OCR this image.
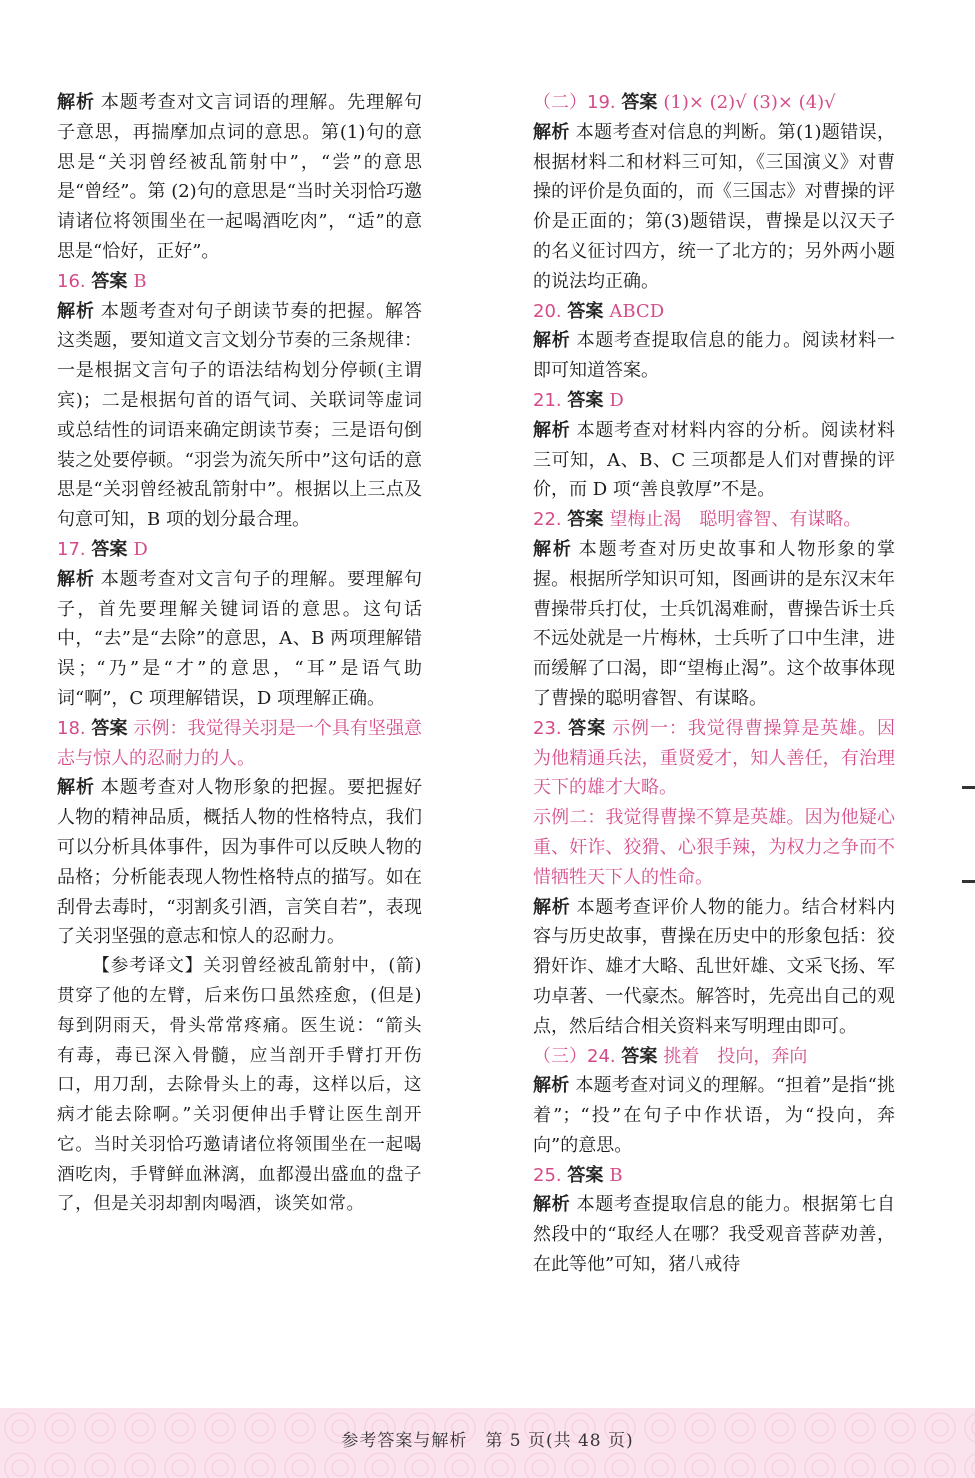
解析 本题考查对文言词语的理解。先理解句子意思，再揣摩加点词的意思。第(1)句的意思是“关羽曾经被乱箭射中”，“尝”的意思是“曾经”。第 (2)句的意思是“当时关羽恰巧邀请诸位将领围坐在一起喝酒吃肉”，“适”的意思是“恰好，正好”。

16. 答案 B

解析 本题考查对句子朗读节奏的把握。解答这类题，要知道文言文划分节奏的三条规律：一是根据文言句子的语法结构划分停顿(主谓宾)；二是根据句首的语气词、关联词等虚词或总结性的词语来确定朗读节奏；三是语句倒装之处要停顿。“羽尝为流矢所中”这句话的意思是“关羽曾经被乱箭射中”。根据以上三点及句意可知，B 项的划分最合理。

17. 答案 D

解析 本题考查对文言句子的理解。要理解句子，首先要理解关键词语的意思。这句话中，“去”是“去除”的意思，A、B 两项理解错误；“乃”是“才”的意思，“耳”是语气助词“啊”，C 项理解错误，D 项理解正确。

18. 答案 示例：我觉得关羽是一个具有坚强意志与惊人的忍耐力的人。

解析 本题考查对人物形象的把握。要把握好人物的精神品质，概括人物的性格特点，我们可以分析具体事件，因为事件可以反映人物的品格；分析能表现人物性格特点的描写。如在刮骨去毒时，“羽割炙引酒，言笑自若”，表现了关羽坚强的意志和惊人的忍耐力。

【参考译文】关羽曾经被乱箭射中，(箭)贯穿了他的左臂，后来伤口虽然痊愈，(但是)每到阴雨天，骨头常常疼痛。医生说：“箭头有毒，毒已深入骨髓，应当剖开手臂打开伤口，用刀刮，去除骨头上的毒，这样以后，这病才能去除啊。”关羽便伸出手臂让医生剖开它。当时关羽恰巧邀请诸位将领围坐在一起喝酒吃肉，手臂鲜血淋漓，血都漫出盛血的盘子了，但是关羽却割肉喝酒，谈笑如常。

（二）19. 答案 (1)× (2)√ (3)× (4)√

解析 本题考查对信息的判断。第(1)题错误，根据材料二和材料三可知，《三国演义》对曹操的评价是负面的，而《三国志》对曹操的评价是正面的；第(3)题错误，曹操是以汉天子的名义征讨四方，统一了北方的；另外两小题的说法均正确。

20. 答案 ABCD

解析 本题考查提取信息的能力。阅读材料一即可知道答案。

21. 答案 D

解析 本题考查对材料内容的分析。阅读材料三可知，A、B、C 三项都是人们对曹操的评价，而 D 项“善良敦厚”不是。

22. 答案 望梅止渴　聪明睿智、有谋略。

解析 本题考查对历史故事和人物形象的掌握。根据所学知识可知，图画讲的是东汉末年曹操带兵打仗，士兵饥渴难耐，曹操告诉士兵不远处就是一片梅林，士兵听了口中生津，进而缓解了口渴，即“望梅止渴”。这个故事体现了曹操的聪明睿智、有谋略。

23. 答案 示例一：我觉得曹操算是英雄。因为他精通兵法，重贤爱才，知人善任，有治理天下的雄才大略。

示例二：我觉得曹操不算是英雄。因为他疑心重、奸诈、狡猾、心狠手辣，为权力之争而不惜牺牲天下人的性命。

解析 本题考查评价人物的能力。结合材料内容与历史故事，曹操在历史中的形象包括：狡猾奸诈、雄才大略、乱世奸雄、文采飞扬、军功卓著、一代豪杰。解答时，先亮出自己的观点，然后结合相关资料来写明理由即可。

（三）24. 答案 挑着　投向，奔向

解析 本题考查对词义的理解。“担着”是指“挑着”；“投”在句子中作状语，为“投向，奔向”的意思。

25. 答案 B

解析 本题考查提取信息的能力。根据第七自然段中的“取经人在哪？我受观音菩萨劝善，在此等他”可知，猪八戒待

参考答案与解析　第 5 页(共 48 页)
